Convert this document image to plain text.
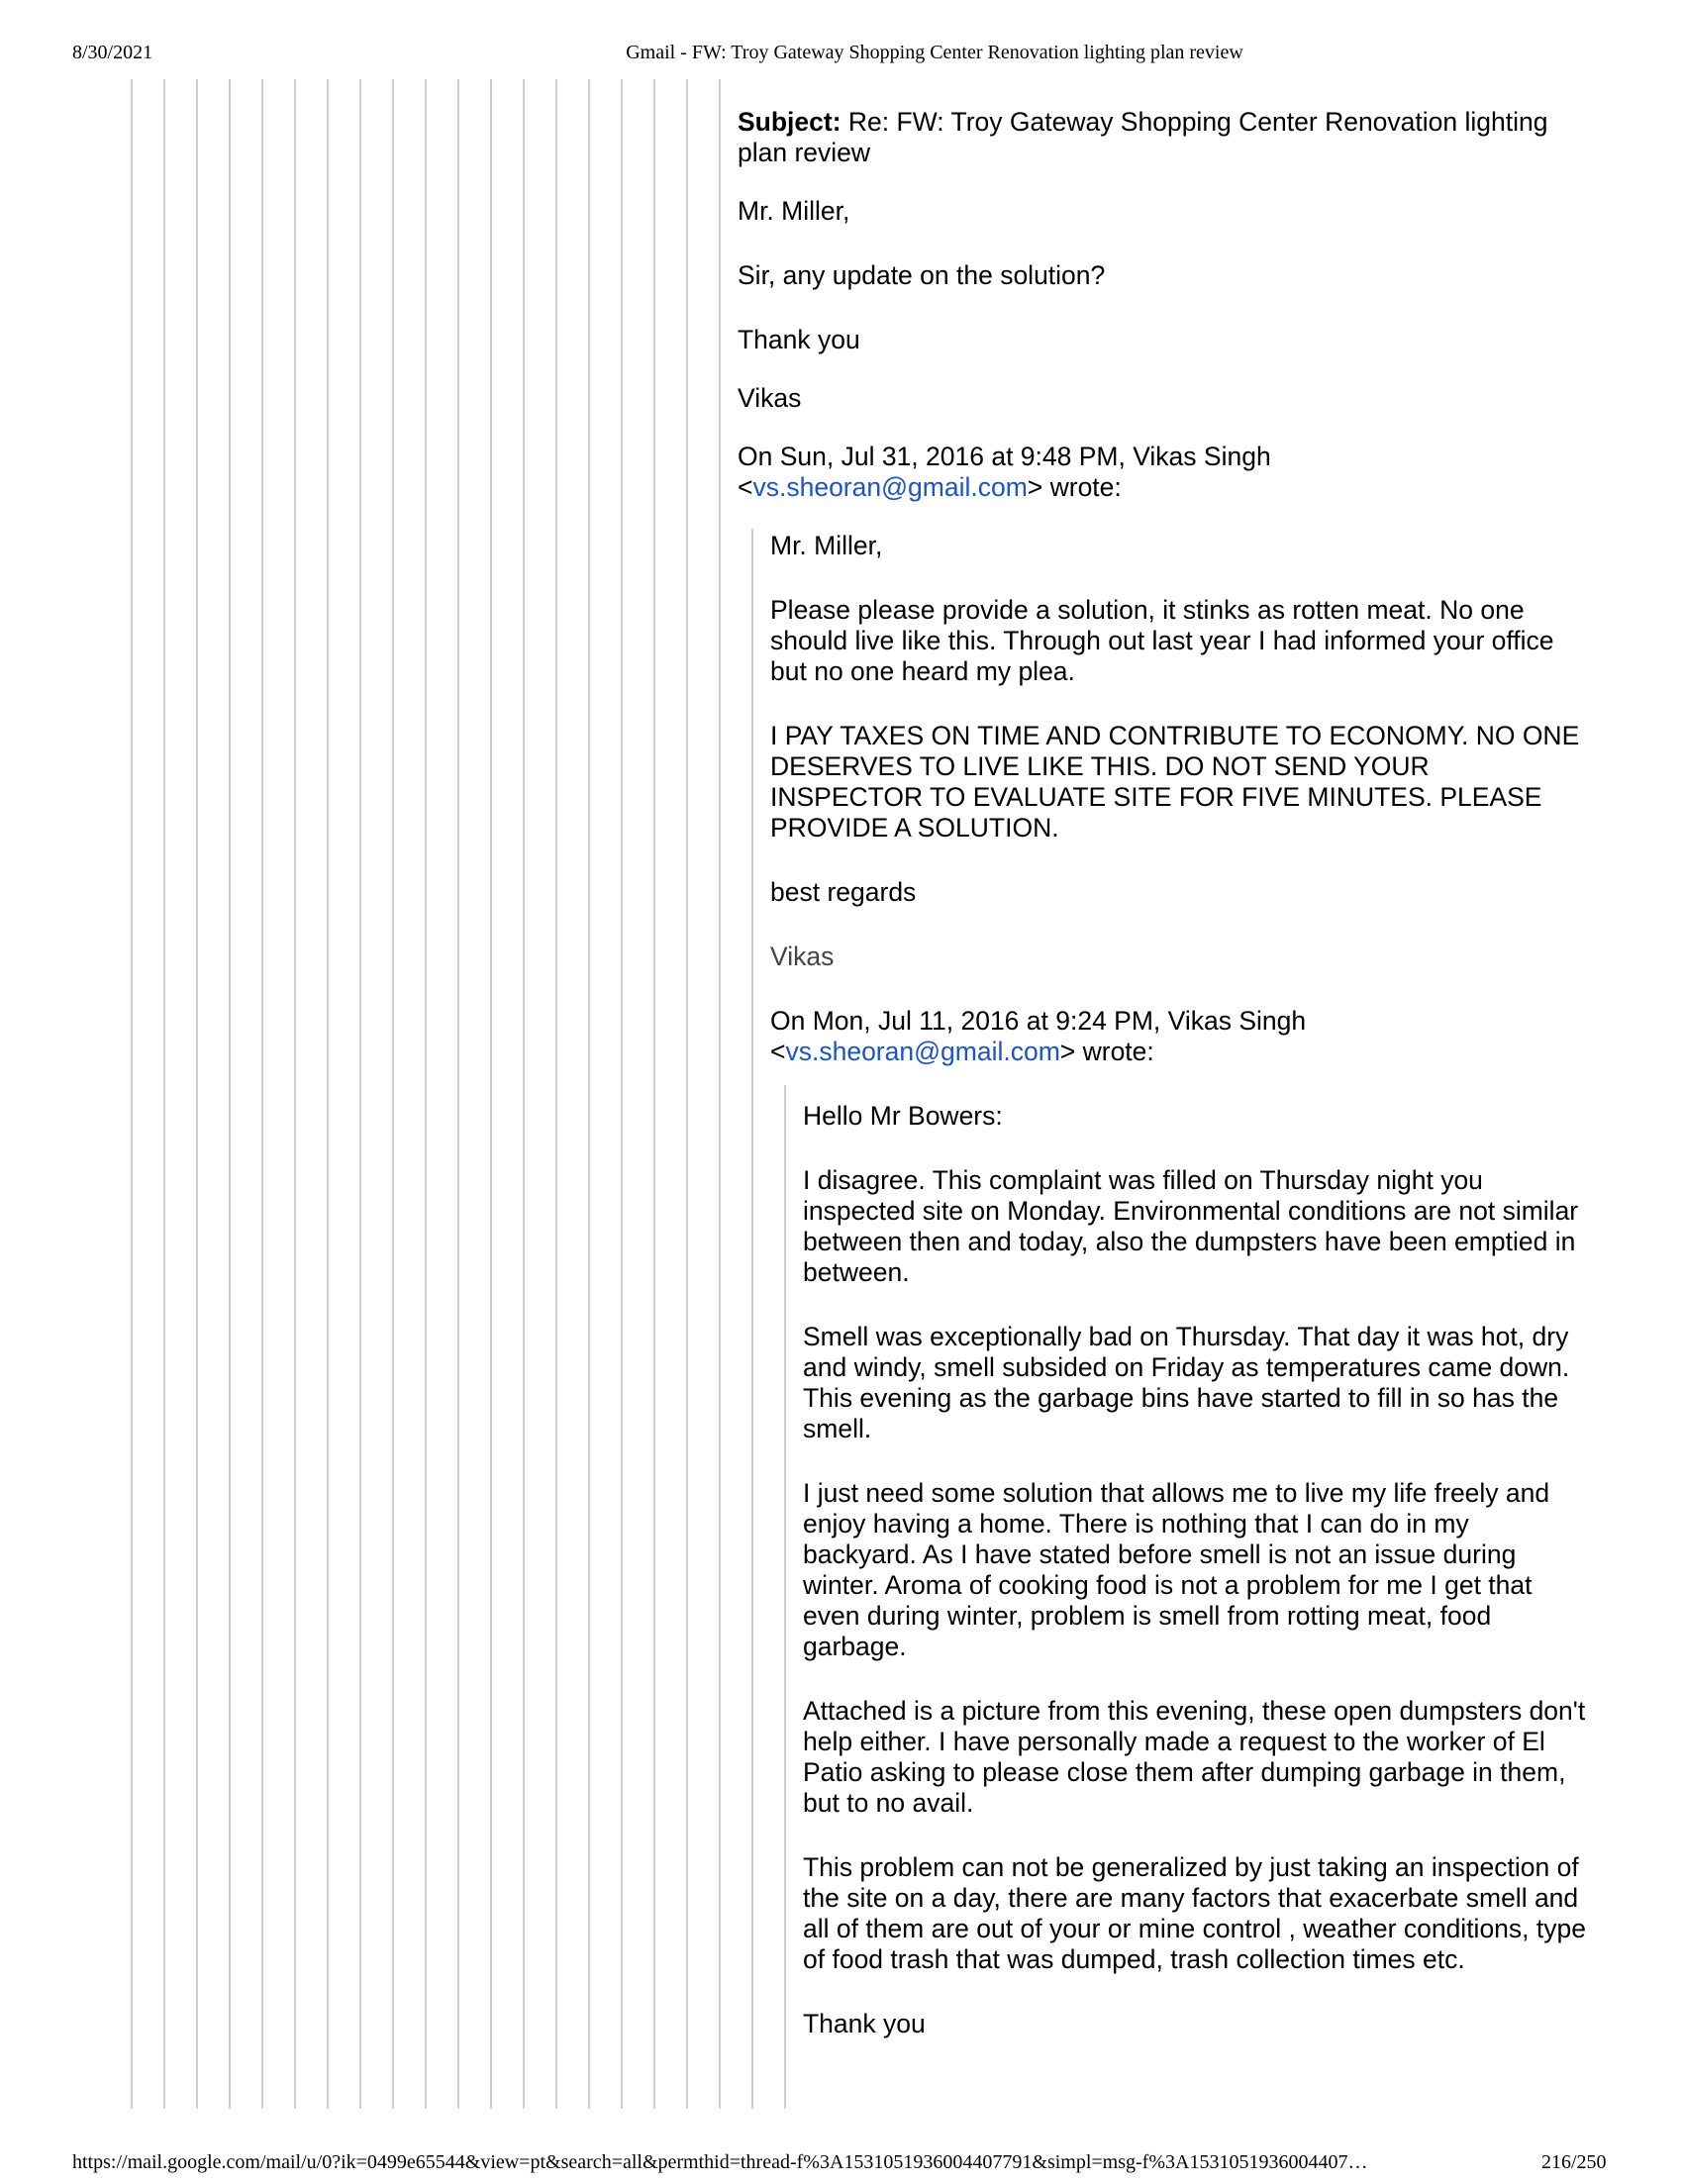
8/30/2021	Gmail - FW: Troy Gateway Shopping Center Renovation lighting plan review

Subject: Re: FW: Troy Gateway Shopping Center Renovation lighting plan review

Mr. Miller,

Sir, any update on the solution?

Thank you

Vikas

On Sun, Jul 31, 2016 at 9:48 PM, Vikas Singh
<vs.sheoran@gmail.com> wrote:

Mr. Miller,

Please please provide a solution, it stinks as rotten meat. No one should live like this. Through out last year I had informed your office but no one heard my plea.

I PAY TAXES ON TIME AND CONTRIBUTE TO ECONOMY. NO ONE DESERVES TO LIVE LIKE THIS. DO NOT SEND YOUR INSPECTOR TO EVALUATE SITE FOR FIVE MINUTES. PLEASE PROVIDE A SOLUTION.

best regards

Vikas

On Mon, Jul 11, 2016 at 9:24 PM, Vikas Singh
<vs.sheoran@gmail.com> wrote:

Hello Mr Bowers:

I disagree. This complaint was filled on Thursday night you inspected site on Monday. Environmental conditions are not similar between then and today, also the dumpsters have been emptied in between.

Smell was exceptionally bad on Thursday. That day it was hot, dry and windy, smell subsided on Friday as temperatures came down. This evening as the garbage bins have started to fill in so has the smell.

I just need some solution that allows me to live my life freely and enjoy having a home. There is nothing that I can do in my backyard. As I have stated before smell is not an issue during winter. Aroma of cooking food is not a problem for me I get that even during winter, problem is smell from rotting meat, food garbage.

Attached is a picture from this evening, these open dumpsters don't help either. I have personally made a request to the worker of El Patio asking to please close them after dumping garbage in them, but to no avail.

This problem can not be generalized by just taking an inspection of the site on a day, there are many factors that exacerbate smell and all of them are out of your or mine control , weather conditions, type of food trash that was dumped, trash collection times etc.

Thank you

https://mail.google.com/mail/u/0?ik=0499e65544&view=pt&search=all&permthid=thread-f%3A1531051936004407791&simpl=msg-f%3A1531051936004407…	216/250
